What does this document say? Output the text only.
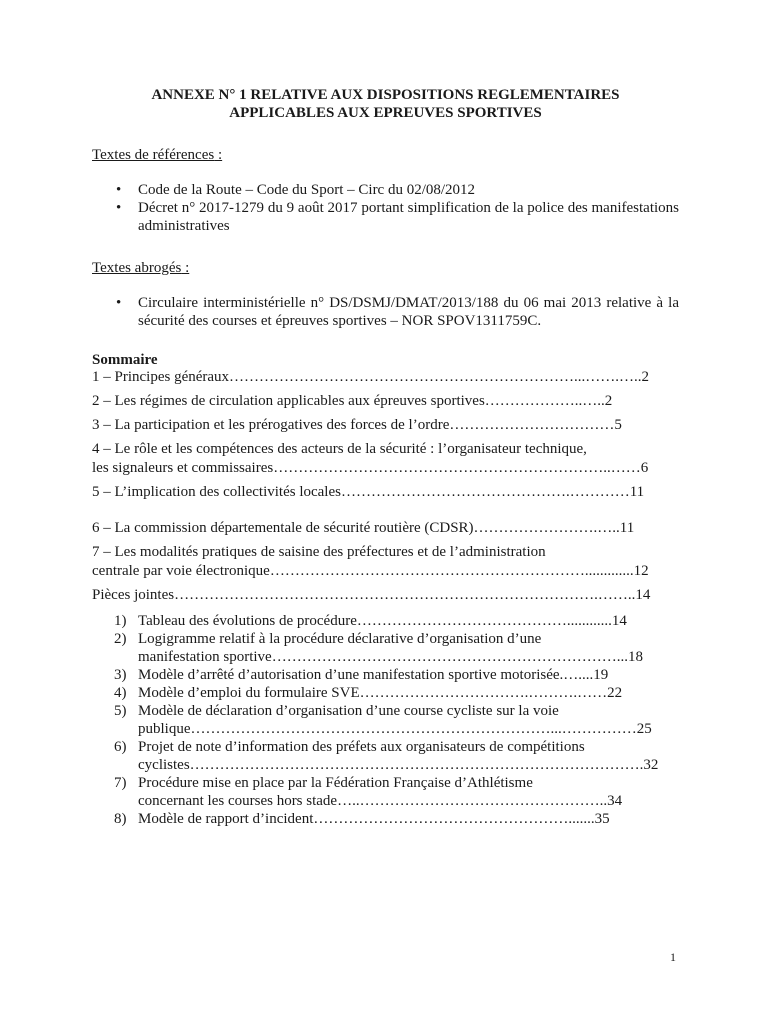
ANNEXE N° 1 RELATIVE AUX DISPOSITIONS REGLEMENTAIRES
APPLICABLES AUX EPREUVES SPORTIVES
Textes de références :
• Code de la Route – Code du Sport – Circ du 02/08/2012
• Décret n° 2017-1279 du 9 août 2017 portant simplification de la police des manifestations administratives
Textes abrogés :
• Circulaire interministérielle n° DS/DSMJ/DMAT/2013/188 du 06 mai 2013 relative à la sécurité des courses et épreuves sportives – NOR SPOV1311759C.
Sommaire
1 – Principes généraux……………………………………………………………...…….…..2
2 – Les régimes de circulation applicables aux épreuves sportives………………..…..2
3 – La participation et les prérogatives des forces de l’ordre……………………………5
4 – Le rôle et les compétences des acteurs de la sécurité : l’organisateur technique,
les signaleurs et commissaires…………………………………………………………..……6
5 – L’implication des collectivités locales……………………………………….…………11
6 – La commission départementale de sécurité routière (CDSR)…………………….…..11
7 – Les modalités pratiques de saisine des préfectures et de l’administration
centrale par voie électronique……………………………………………………….............12
Pièces jointes………………………………………………………………………….……..14
1) Tableau des évolutions de procédure……………………………………............14
2) Logigramme relatif à la procédure déclarative d’organisation d’une
manifestation sportive……………………………………………………………...18
3) Modèle d’arrêté d’autorisation d’une manifestation sportive motorisée.…....19
4) Modèle d’emploi du formulaire SVE…………………………….……….……22
5) Modèle de déclaration d’organisation d’une course cycliste sur la voie
publique………………………………………………………………...……………25
6) Projet de note d’information des préfets aux organisateurs de compétitions
cyclistes……………………………………………………………………………….32
7) Procédure mise en place par la Fédération Française d’Athlétisme
concernant les courses hors stade…..…………………………………………..34
8) Modèle de rapport d’incident…………………………………………….......35
1
